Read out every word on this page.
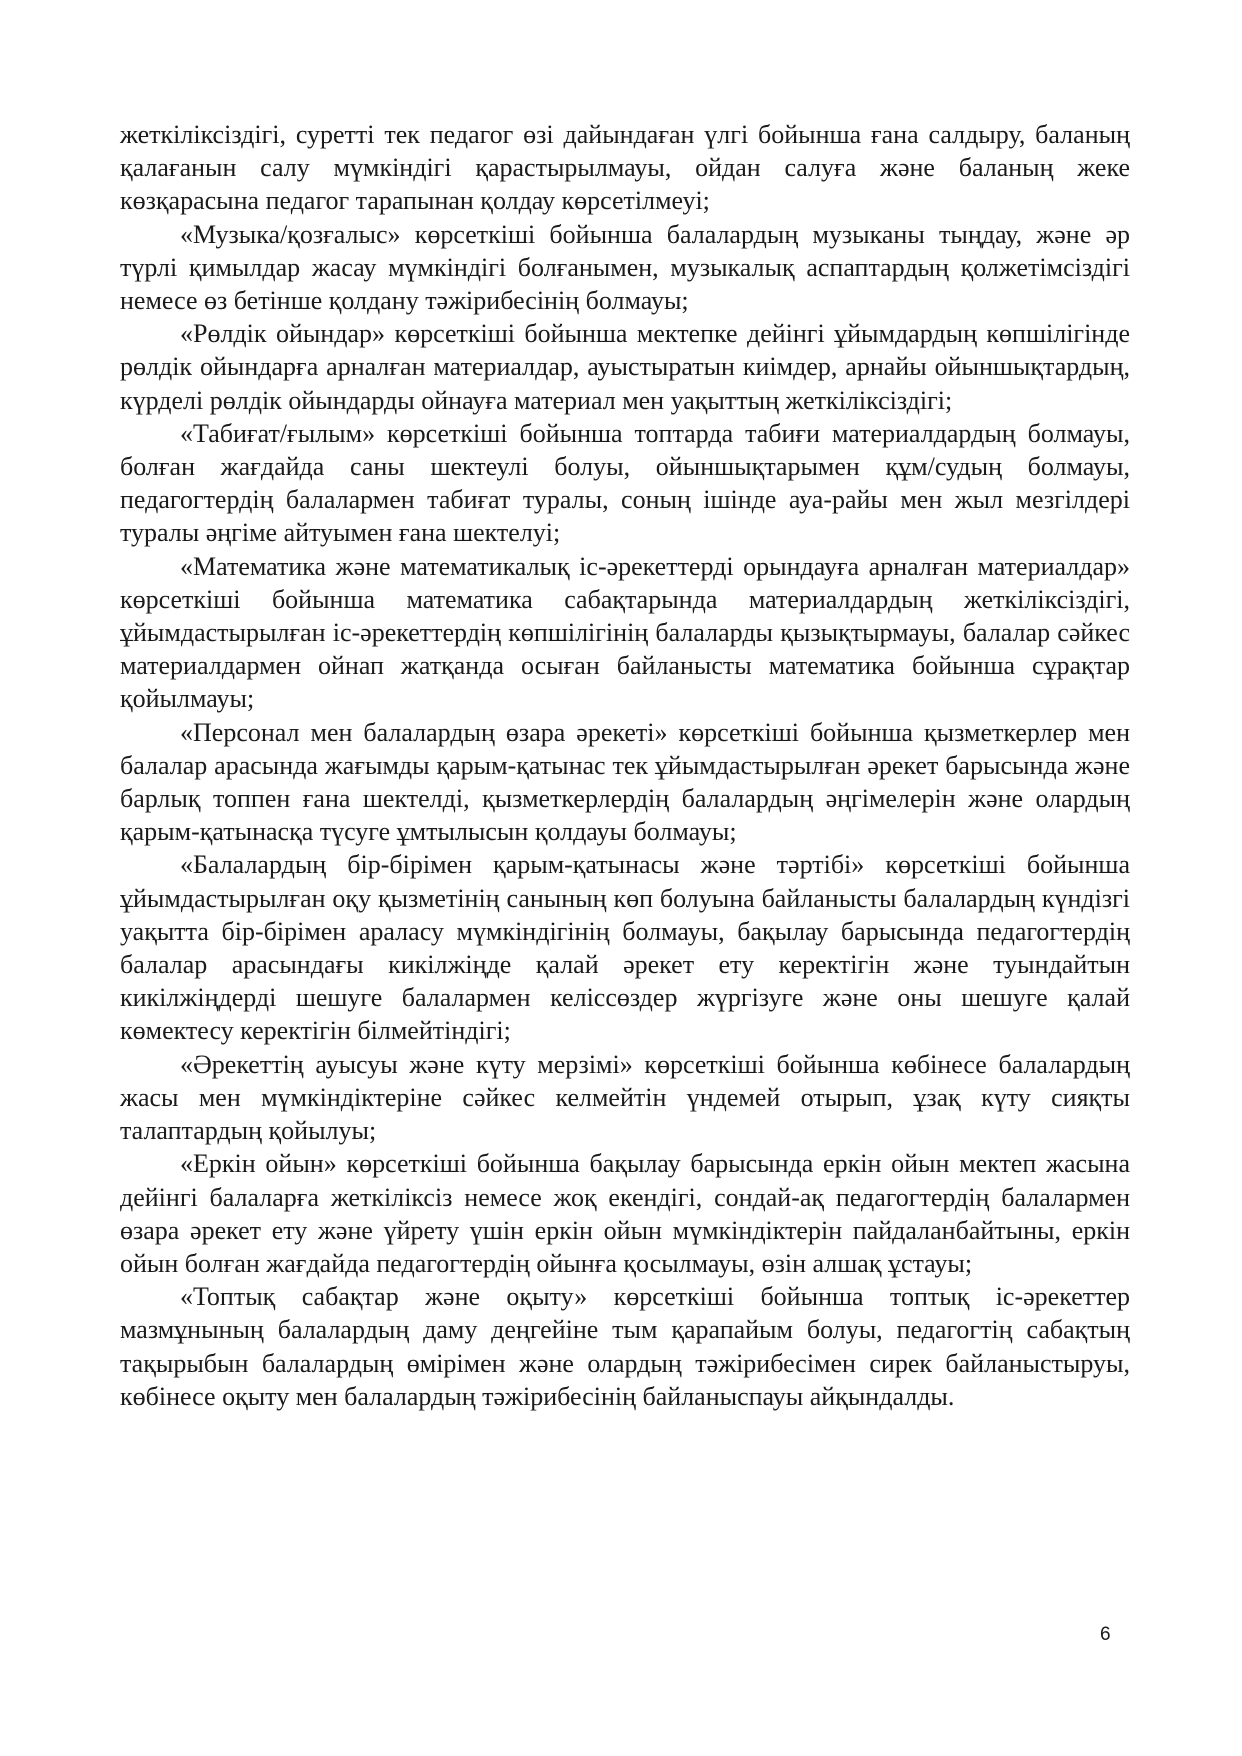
жеткіліксіздігі, суретті тек педагог өзі дайындаған үлгі бойынша ғана салдыру, баланың қалағанын салу мүмкіндігі қарастырылмауы, ойдан салуға және баланың жеке көзқарасына педагог тарапынан қолдау көрсетілмеуі;

«Музыка/қозғалыс» көрсеткіші бойынша балалардың музыканы тыңдау, және әр түрлі қимылдар жасау мүмкіндігі болғанымен, музыкалық аспаптардың қолжетімсіздігі немесе өз бетінше қолдану тәжірибесінің болмауы;

«Рөлдік ойындар» көрсеткіші бойынша мектепке дейінгі ұйымдардың көпшілігінде рөлдік ойындарға арналған материалдар, ауыстыратын киімдер, арнайы ойыншықтардың, күрделі рөлдік ойындарды ойнауға материал мен уақыттың жеткіліксіздігі;

«Табиғат/ғылым» көрсеткіші бойынша топтарда табиғи материалдардың болмауы, болған жағдайда саны шектеулі болуы, ойыншықтарымен құм/судың болмауы, педагогтердің балалармен табиғат туралы, соның ішінде ауа-райы мен жыл мезгілдері туралы әңгіме айтуымен ғана шектелуі;

«Математика және математикалық іс-әрекеттерді орындауға арналған материалдар» көрсеткіші бойынша математика сабақтарында материалдардың жеткіліксіздігі, ұйымдастырылған іс-әрекеттердің көпшілігінің балаларды қызықтырмауы, балалар сәйкес материалдармен ойнап жатқанда осыған байланысты математика бойынша сұрақтар қойылмауы;

«Персонал мен балалардың өзара әрекеті» көрсеткіші бойынша қызметкерлер мен балалар арасында жағымды қарым-қатынас тек ұйымдастырылған әрекет барысында және барлық топпен ғана шектелді, қызметкерлердің балалардың әңгімелерін және олардың қарым-қатынасқа түсуге ұмтылысын қолдауы болмауы;

«Балалардың бір-бірімен қарым-қатынасы және тәртібі» көрсеткіші бойынша ұйымдастырылған оқу қызметінің санының көп болуына байланысты балалардың күндізгі уақытта бір-бірімен араласу мүмкіндігінің болмауы, бақылау барысында педагогтердің балалар арасындағы кикілжіңде қалай әрекет ету керектігін және туындайтын кикілжіңдерді шешуге балалармен келіссөздер жүргізуге және оны шешуге қалай көмектесу керектігін білмейтіндігі;

«Әрекеттің ауысуы және күту мерзімі» көрсеткіші бойынша көбінесе балалардың жасы мен мүмкіндіктеріне сәйкес келмейтін үндемей отырып, ұзақ күту сияқты талаптардың қойылуы;

«Еркін ойын» көрсеткіші бойынша бақылау барысында еркін ойын мектеп жасына дейінгі балаларға жеткіліксіз немесе жоқ екендігі, сондай-ақ педагогтердің балалармен өзара әрекет ету және үйрету үшін еркін ойын мүмкіндіктерін пайдаланбайтыны, еркін ойын болған жағдайда педагогтердің ойынға қосылмауы, өзін алшақ ұстауы;

«Топтық сабақтар және оқыту» көрсеткіші бойынша топтық іс-әрекеттер мазмұнының балалардың даму деңгейіне тым қарапайым болуы, педагогтің сабақтың тақырыбын балалардың өмірімен және олардың тәжірибесімен сирек байланыстыруы, көбінесе оқыту мен балалардың тәжірибесінің байланыспауы айқындалды.

6
